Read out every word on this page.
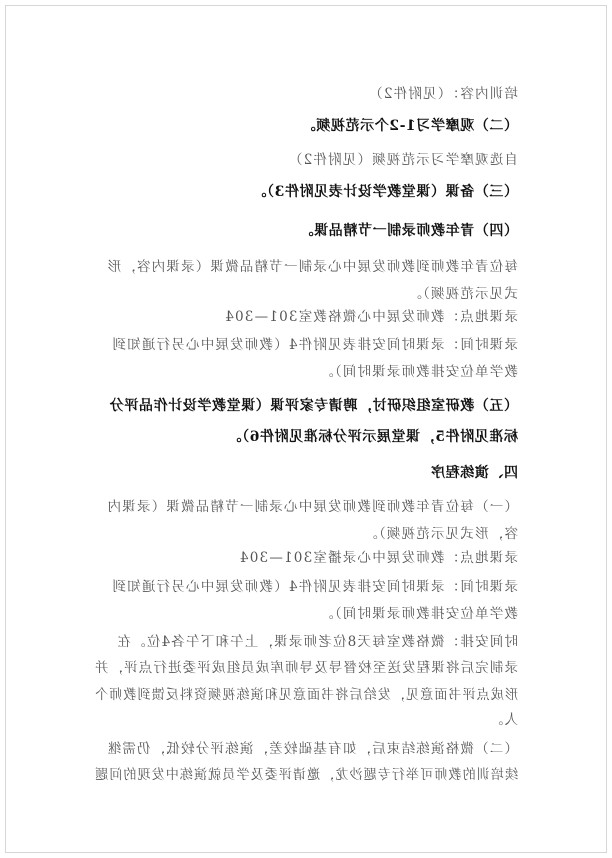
培训内容：（见附件2）
（二）观摩学习1-2个示范视频。
自选观摩学习示范视频（见附件2）
（三）备课（课堂教学设计表见附件3）。
（四）青年教师录制一节精品课。
每位青年教师到教师发展中心录制一节精品微课（录课内容，形
式见示范视频）。
录课地点：教师发展中心微格教室301—304
录课时间：录课时间安排表见附件4（教师发展中心另行通知到
教学单位安排教师录课时间）。
（五）教研室组织研讨，聘请专家评课（课堂教学设计作品评分
标准见附件5，课堂展示评分标准见附件6）。
四、演练程序
（一）每位青年教师到教师发展中心录制一节精品微课（录课内
容，形式见示范视频）。
录课地点：教师发展中心录播室301—304
录课时间：录课时间安排表见附件4（教师发展中心另行通知到
教学单位安排教师录课时间）。
时间安排：微格教室每天8位老师录课，上午和下午各4位。在
录制完后将课程发送至校督导及导师库成员组成评委进行点评，并
形成点评书面意见，发给后将书面意见和演练视频资料反馈到教师个
人。
（二）微格演练结束后，如有基础较差，演练评分较低，仍需继
续培训的教师可举行专题沙龙，邀请评委及学员就演练中发现的问题
